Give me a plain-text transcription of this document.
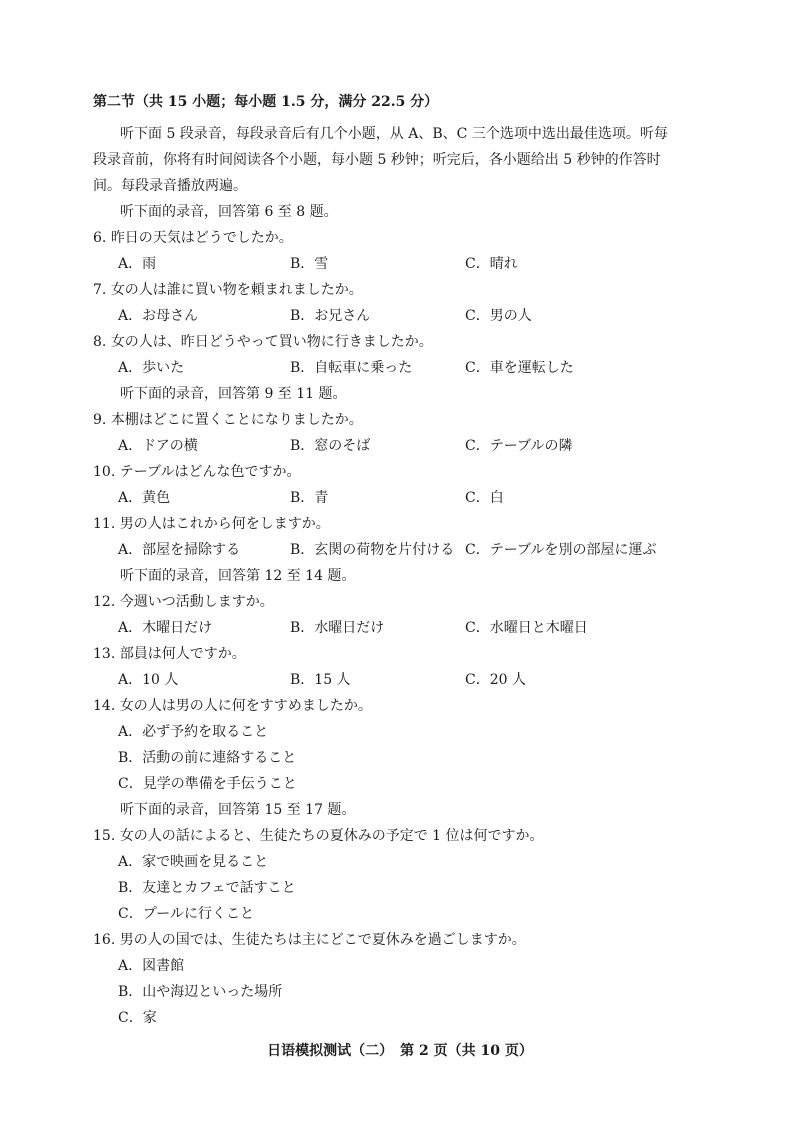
第二节（共 15 小题；每小题 1.5 分，满分 22.5 分）
听下面 5 段录音，每段录音后有几个小题，从 A、B、C 三个选项中选出最佳选项。听每
段录音前，你将有时间阅读各个小题，每小题 5 秒钟；听完后，各小题给出 5 秒钟的作答时
间。每段录音播放两遍。
听下面的录音，回答第 6 至 8 题。
6. 昨日の天気はどうでしたか。
A．雨	B．雪	C．晴れ
7. 女の人は誰に買い物を頼まれましたか。
A．お母さん	B．お兄さん	C．男の人
8. 女の人は、昨日どうやって買い物に行きましたか。
A．歩いた	B．自転車に乗った	C．車を運転した
听下面的录音，回答第 9 至 11 题。
9. 本棚はどこに置くことになりましたか。
A．ドアの横	B．窓のそば	C．テーブルの隣
10. テーブルはどんな色ですか。
A．黄色	B．青	C．白
11. 男の人はこれから何をしますか。
A．部屋を掃除する	B．玄関の荷物を片付ける C．テーブルを別の部屋に運ぶ
听下面的录音，回答第 12 至 14 题。
12. 今週いつ活動しますか。
A．木曜日だけ	B．水曜日だけ	C．水曜日と木曜日
13. 部員は何人ですか。
A．10 人	B．15 人	C．20 人
14. 女の人は男の人に何をすすめましたか。
A．必ず予約を取ること
B．活動の前に連絡すること
C．見学の準備を手伝うこと
听下面的录音，回答第 15 至 17 题。
15. 女の人の話によると、生徒たちの夏休みの予定で 1 位は何ですか。
A．家で映画を見ること
B．友達とカフェで話すこと
C．プールに行くこと
16. 男の人の国では、生徒たちは主にどこで夏休みを過ごしますか。
A．図書館
B．山や海辺といった場所
C．家
日语模拟测试（二）　第 2 页（共 10 页）
